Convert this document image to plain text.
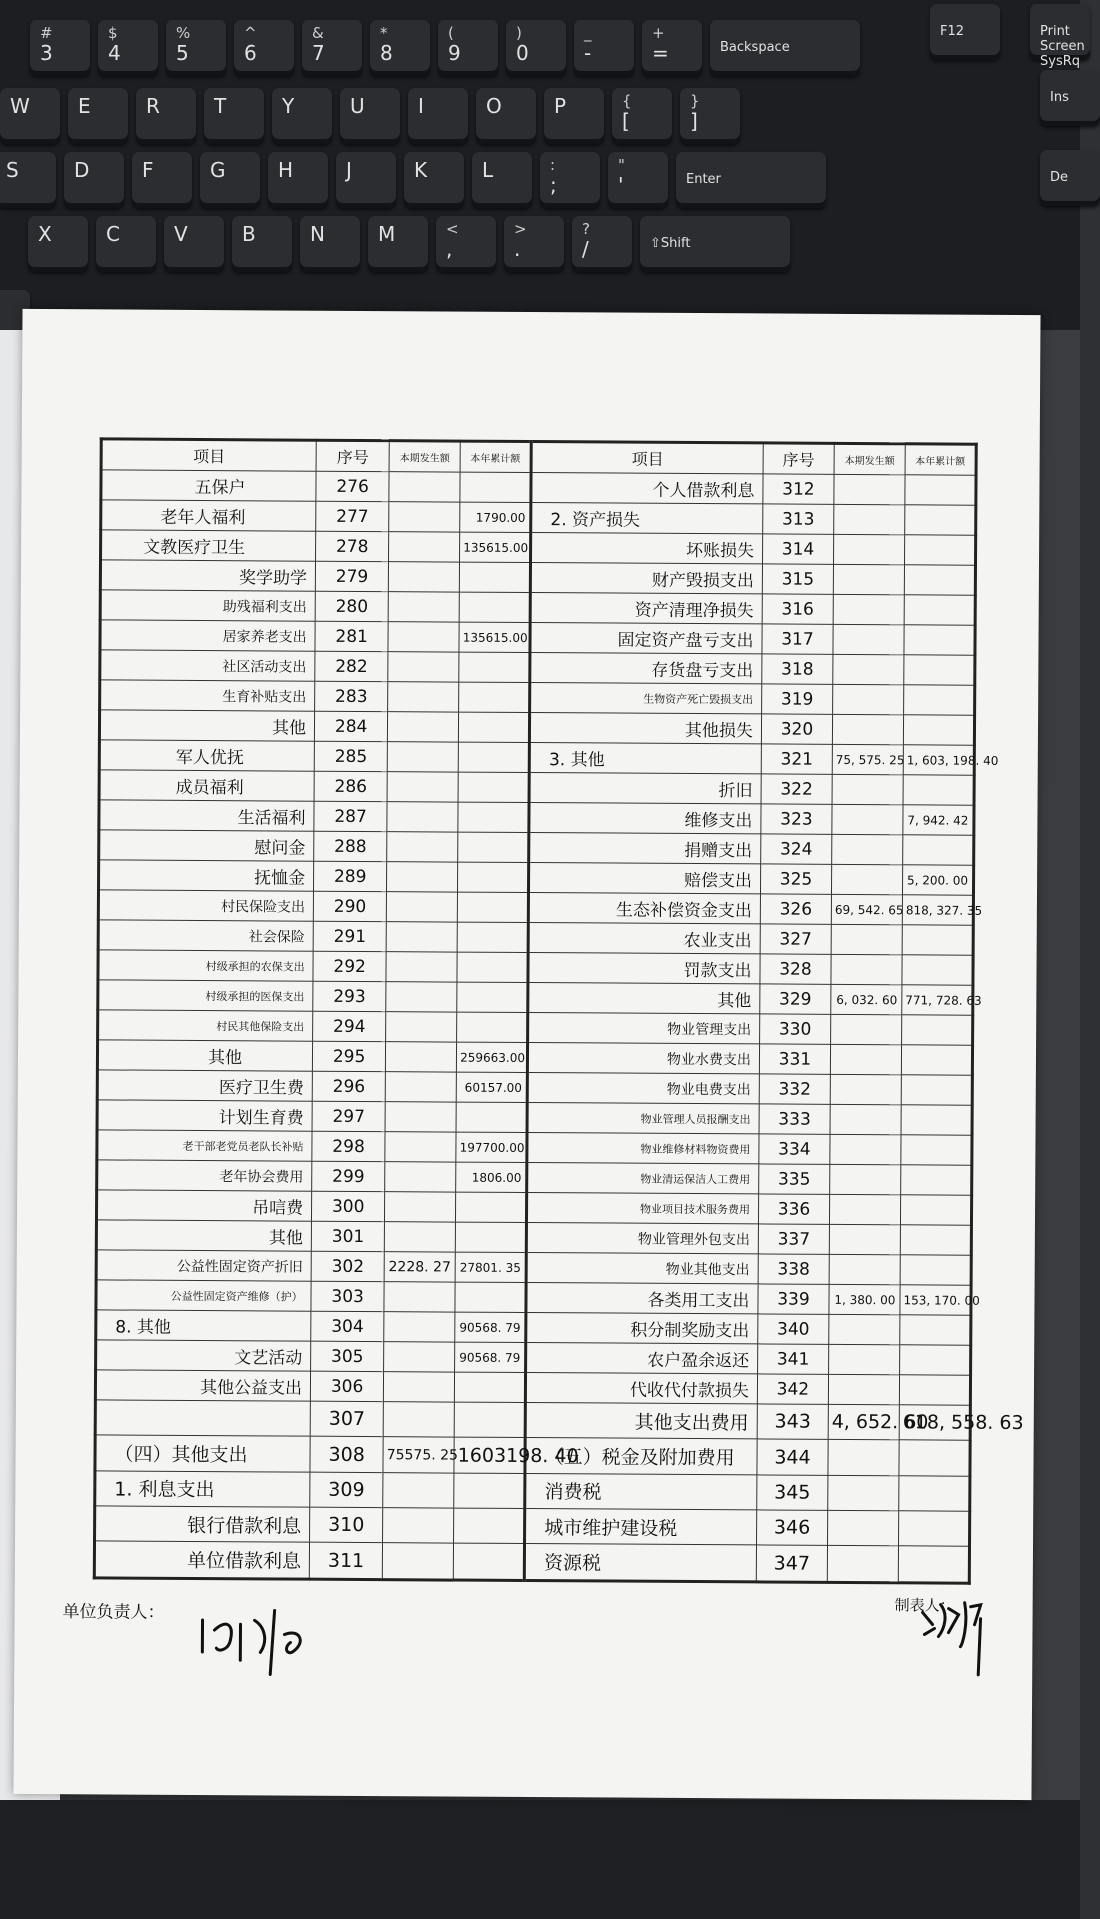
#
3
$
4
%
5
^
6
&
7
*
8
(
9
)
0
_
-
+
=	Backspace
W	E	R	T	Y	U	I	O	P	{
[
}
]
S	D	F	G	H	J	K	L	:
;
"
'	Enter
X	C	V	B	N	M	<
,
>
.
?
/	⇧Shift
F12	Print Screen SysRq
Ins
De
项目	序号	本期发生额	本年累计额	项目	序号	本期发生额	本年累计额
五保户	276			个人借款利息	312		
老年人福利	277		1790.00	2. 资产损失	313		
文教医疗卫生	278		135615.00	坏账损失	314		
奖学助学	279			财产毁损支出	315		
助残福利支出	280			资产清理净损失	316		
居家养老支出	281		135615.00	固定资产盘亏支出	317		
社区活动支出	282			存货盘亏支出	318		
生育补贴支出	283			生物资产死亡毁损支出	319		
其他	284			其他损失	320		
军人优抚	285			3. 其他	321	75, 575. 25	1, 603, 198. 40
成员福利	286			折旧	322		
生活福利	287			维修支出	323		7, 942. 42
慰问金	288			捐赠支出	324		
抚恤金	289			赔偿支出	325		5, 200. 00
村民保险支出	290			生态补偿资金支出	326	69, 542. 65	818, 327. 35
社会保险	291			农业支出	327		
村级承担的农保支出	292			罚款支出	328		
村级承担的医保支出	293			其他	329	6, 032. 60	771, 728. 63
村民其他保险支出	294			物业管理支出	330		
其他	295		259663.00	物业水费支出	331		
医疗卫生费	296		60157.00	物业电费支出	332		
计划生育费	297			物业管理人员报酬支出	333		
老干部老党员老队长补贴	298		197700.00	物业维修材料物资费用	334		
老年协会费用	299		1806.00	物业清运保洁人工费用	335		
吊唁费	300			物业项目技术服务费用	336		
其他	301			物业管理外包支出	337		
公益性固定资产折旧	302	2228. 27	27801. 35	物业其他支出	338		
公益性固定资产维修（护）	303			各类用工支出	339	1, 380. 00	153, 170. 00
8. 其他	304		90568. 79	积分制奖励支出	340		
文艺活动	305		90568. 79	农户盈余返还	341		
其他公益支出	306			代收代付款损失	342		
	307			其他支出费用	343	4, 652. 60	618, 558. 63
（四）其他支出	308	75575. 25	1603198. 40	（五）税金及附加费用	344		
1. 利息支出	309			消费税	345		
银行借款利息	310			城市维护建设税	346		
单位借款利息	311			资源税	347		
单位负责人：	制表人：
